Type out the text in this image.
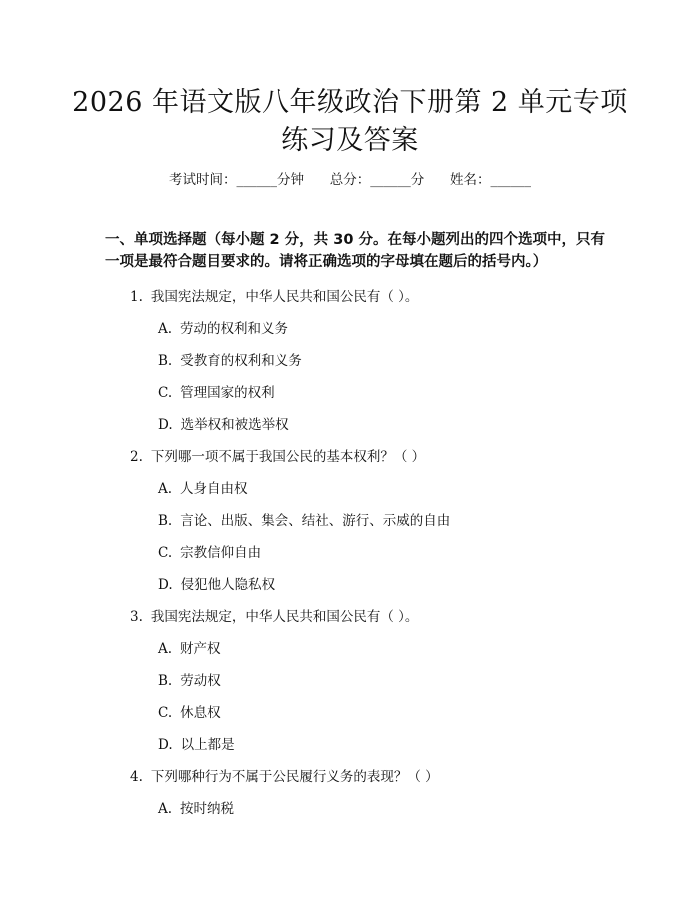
2026 年语文版八年级政治下册第 2 单元专项
练习及答案
考试时间：______分钟      总分：______分      姓名：______
一、单项选择题（每小题 2 分，共 30 分。在每小题列出的四个选项中，只有一项是最符合题目要求的。请将正确选项的字母填在题后的括号内。）
1. 我国宪法规定，中华人民共和国公民有（ ）。
A. 劳动的权利和义务
B. 受教育的权利和义务
C. 管理国家的权利
D. 选举权和被选举权
2. 下列哪一项不属于我国公民的基本权利？（ ）
A. 人身自由权
B. 言论、出版、集会、结社、游行、示威的自由
C. 宗教信仰自由
D. 侵犯他人隐私权
3. 我国宪法规定，中华人民共和国公民有（ ）。
A. 财产权
B. 劳动权
C. 休息权
D. 以上都是
4. 下列哪种行为不属于公民履行义务的表现？（ ）
A. 按时纳税
